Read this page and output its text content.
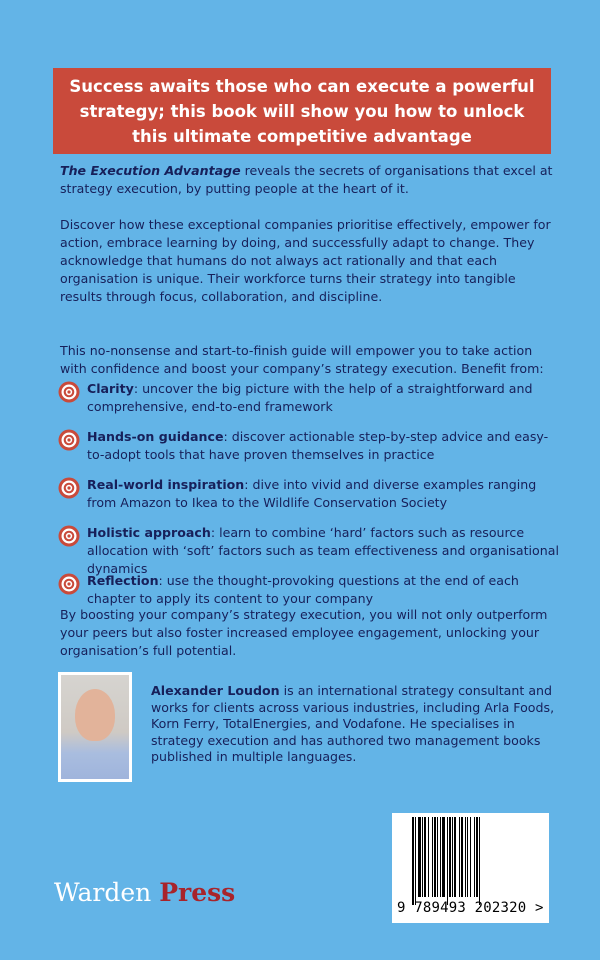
Success awaits those who can execute a powerful strategy; this book will show you how to unlock this ultimate competitive advantage

The Execution Advantage reveals the secrets of organisations that excel at strategy execution, by putting people at the heart of it.

Discover how these exceptional companies prioritise effectively, empower for action, embrace learning by doing, and successfully adapt to change. They acknowledge that humans do not always act rationally and that each organisation is unique. Their workforce turns their strategy into tangible results through focus, collaboration, and discipline.

This no-nonsense and start-to-finish guide will empower you to take action with confidence and boost your company’s strategy execution. Benefit from:

Clarity: uncover the big picture with the help of a straightforward and comprehensive, end-to-end framework
Hands-on guidance: discover actionable step-by-step advice and easy-to-adopt tools that have proven themselves in practice
Real-world inspiration: dive into vivid and diverse examples ranging from Amazon to Ikea to the Wildlife Conservation Society
Holistic approach: learn to combine ‘hard’ factors such as resource allocation with ‘soft’ factors such as team effectiveness and organisational dynamics
Reflection: use the thought-provoking questions at the end of each chapter to apply its content to your company

By boosting your company’s strategy execution, you will not only outperform your peers but also foster increased employee engagement, unlocking your organisation’s full potential.

Alexander Loudon is an international strategy consultant and works for clients across various industries, including Arla Foods, Korn Ferry, TotalEnergies, and Vodafone. He specialises in strategy execution and has authored two management books published in multiple languages.
Warden Press
9 789493 202320 >
